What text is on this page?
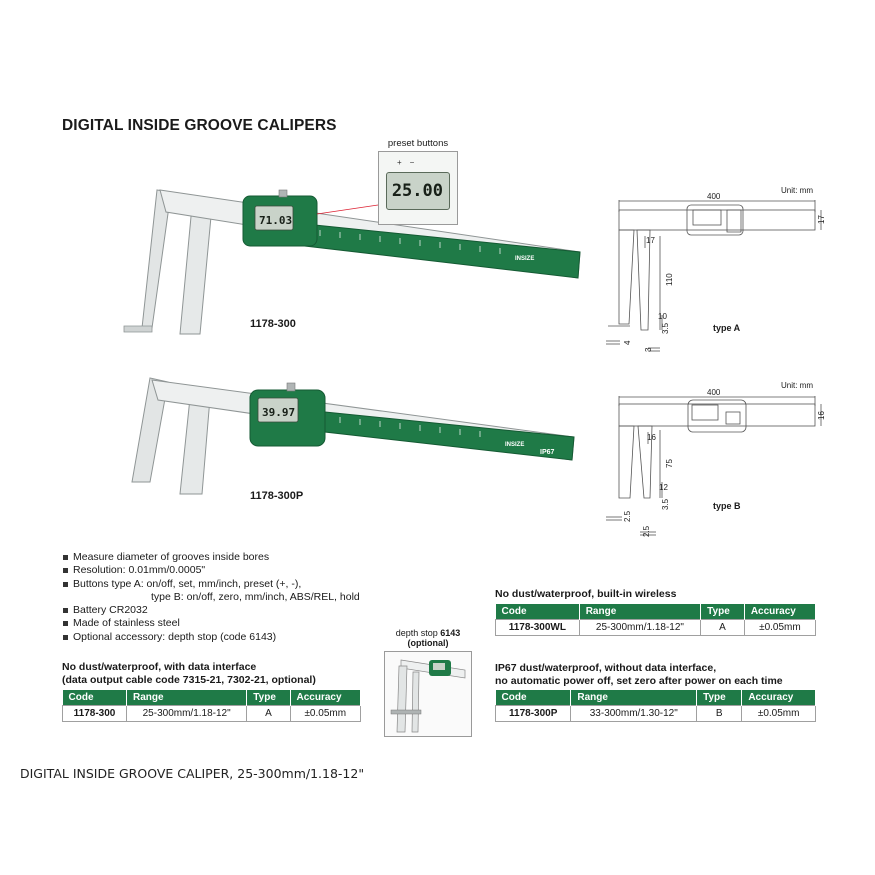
DIGITAL INSIDE GROOVE CALIPERS
INSIZE
71.03
INSIZE
IP67
39.97
400
17
17
110
10
3.5
4
3
400
16
16
75
12
3.5
2.5
2.5
preset buttons
+−
25.00
1178-300
1178-300P
Unit: mm
type A
Unit: mm
type B
Measure diameter of grooves inside bores
Resolution: 0.01mm/0.0005"
Buttons type A: on/off, set, mm/inch, preset (+, -),
type B: on/off, zero, mm/inch, ABS/REL, hold
Battery CR2032
Made of stainless steel
Optional accessory: depth stop (code 6143)	depth stop 6143
(optional)
No dust/waterproof, with data interface
(data output cable code 7315-21, 7302-21, optional)
Code	Range	Type	Accuracy
1178-300	25-300mm/1.18-12"	A	±0.05mm
No dust/waterproof, built-in wireless
Code	Range	Type	Accuracy
1178-300WL	25-300mm/1.18-12"	A	±0.05mm
IP67 dust/waterproof, without data interface,
no automatic power off, set zero after power on each time
Code	Range	Type	Accuracy
1178-300P	33-300mm/1.30-12"	B	±0.05mm
DIGITAL INSIDE GROOVE CALIPER, 25-300mm/1.18-12"
